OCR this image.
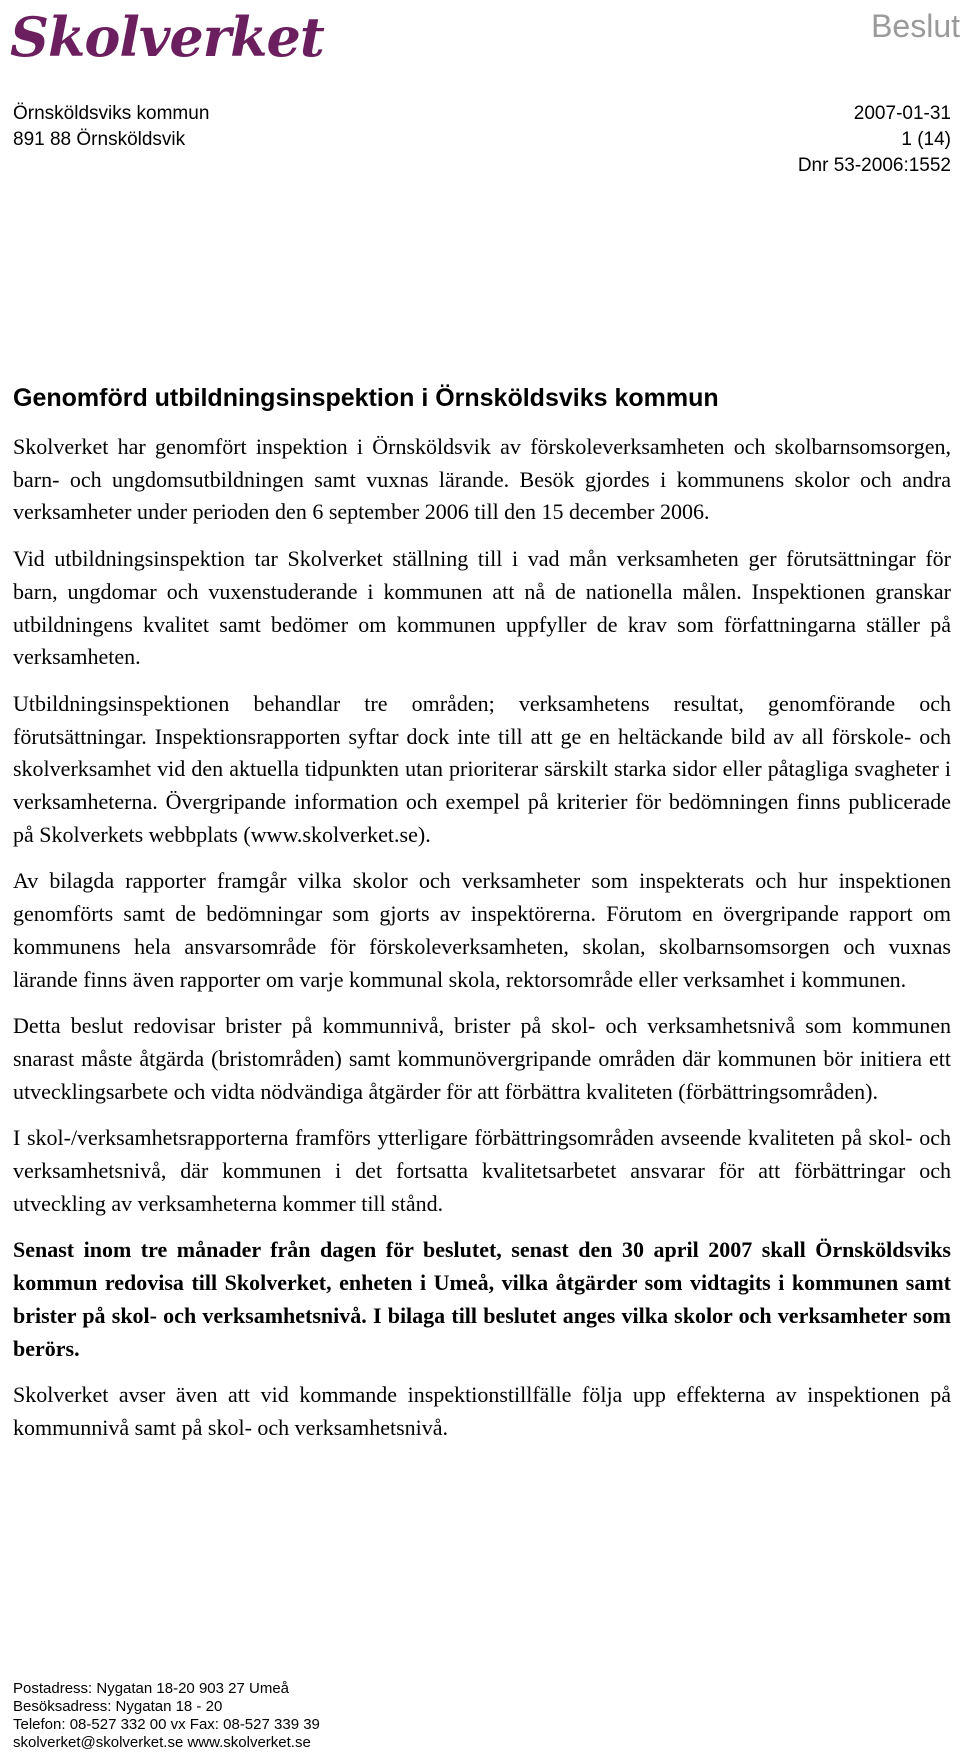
Skolverket	Beslut
Örnsköldsviks kommun
891 88 Örnsköldsvik
2007-01-31
1 (14)
Dnr 53-2006:1552
Genomförd utbildningsinspektion i Örnsköldsviks kommun

Skolverket har genomfört inspektion i Örnsköldsvik av förskoleverksamheten och skolbarnsomsorgen, barn- och ungdomsutbildningen samt vuxnas lärande. Besök gjordes i kommunens skolor och andra verksamheter under perioden den 6 september 2006 till den 15 december 2006.

Vid utbildningsinspektion tar Skolverket ställning till i vad mån verksamheten ger förutsättningar för barn, ungdomar och vuxenstuderande i kommunen att nå de nationella målen. Inspektionen granskar utbildningens kvalitet samt bedömer om kommunen uppfyller de krav som författningarna ställer på verksamheten.

Utbildningsinspektionen behandlar tre områden; verksamhetens resultat, genomförande och förutsättningar. Inspektionsrapporten syftar dock inte till att ge en heltäckande bild av all förskole- och skolverksamhet vid den aktuella tidpunkten utan prioriterar särskilt starka sidor eller påtagliga svagheter i verksamheterna. Övergripande information och exempel på kriterier för bedömningen finns publicerade på Skolverkets webbplats (www.skolverket.se).

Av bilagda rapporter framgår vilka skolor och verksamheter som inspekterats och hur inspektionen genomförts samt de bedömningar som gjorts av inspektörerna. Förutom en övergripande rapport om kommunens hela ansvarsområde för förskoleverksamheten, skolan, skolbarnsomsorgen och vuxnas lärande finns även rapporter om varje kommunal skola, rektorsområde eller verksamhet i kommunen.

Detta beslut redovisar brister på kommunnivå, brister på skol- och verksamhetsnivå som kommunen snarast måste åtgärda (bristområden) samt kommunövergripande områden där kommunen bör initiera ett utvecklingsarbete och vidta nödvändiga åtgärder för att förbättra kvaliteten (förbättringsområden).

I skol-/verksamhetsrapporterna framförs ytterligare förbättringsområden avseende kvaliteten på skol- och verksamhetsnivå, där kommunen i det fortsatta kvalitetsarbetet ansvarar för att förbättringar och utveckling av verksamheterna kommer till stånd.

Senast inom tre månader från dagen för beslutet, senast den 30 april 2007 skall Örnsköldsviks kommun redovisa till Skolverket, enheten i Umeå, vilka åtgärder som vidtagits i kommunen samt brister på skol- och verksamhetsnivå. I bilaga till beslutet anges vilka skolor och verksamheter som berörs.

Skolverket avser även att vid kommande inspektionstillfälle följa upp effekterna av inspektionen på kommunnivå samt på skol- och verksamhetsnivå.

Postadress: Nygatan 18-20 903 27 Umeå
Besöksadress: Nygatan 18 - 20
Telefon: 08-527 332 00 vx Fax: 08-527 339 39
skolverket@skolverket.se www.skolverket.se
